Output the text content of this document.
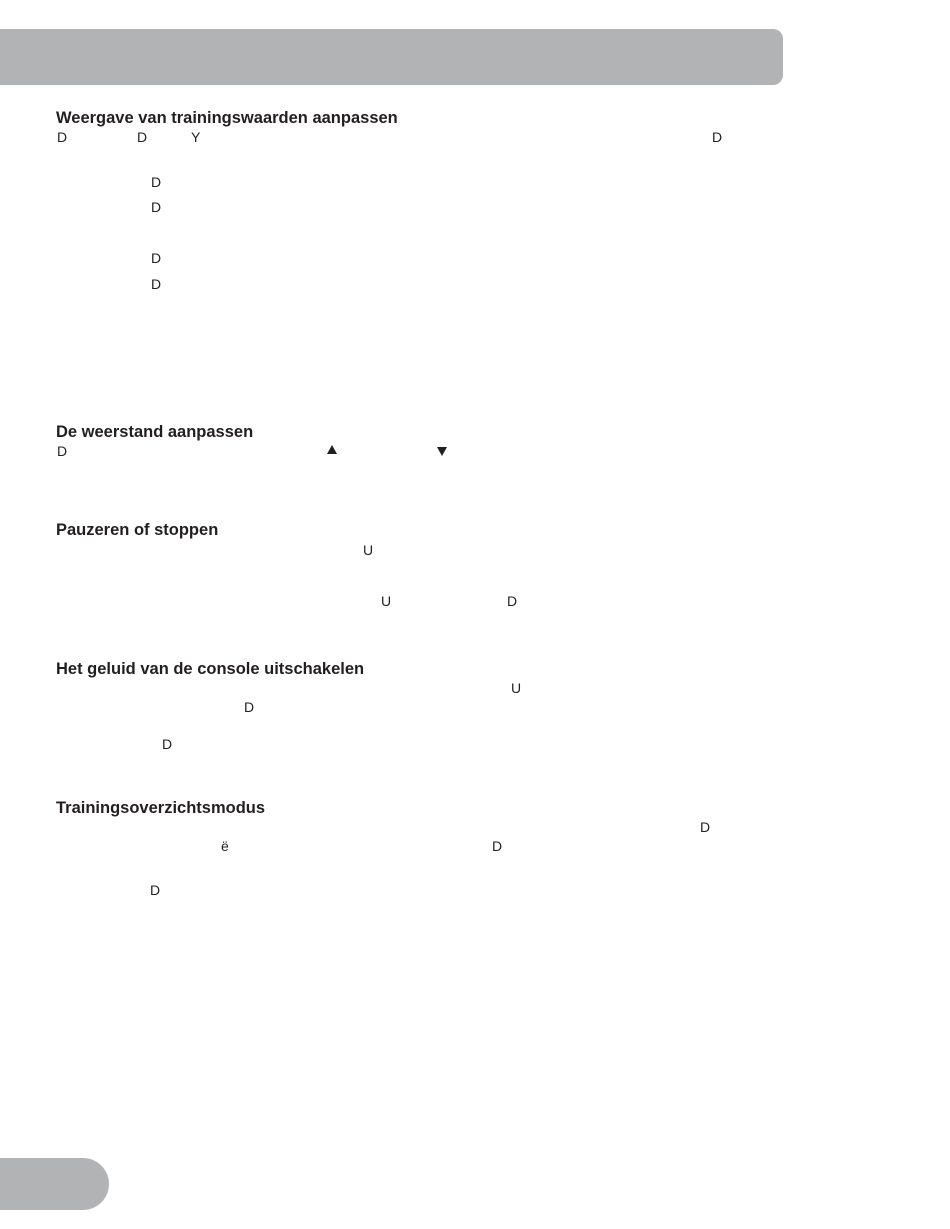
Weergave van trainingswaarden aanpassen
D	D	Y	D
D
D
D
D
De weerstand aanpassen
D
Pauzeren of stoppen
U
U	D
Het geluid van de console uitschakelen
U
D
D
Trainingsoverzichtsmodus
D
ë	D
D
